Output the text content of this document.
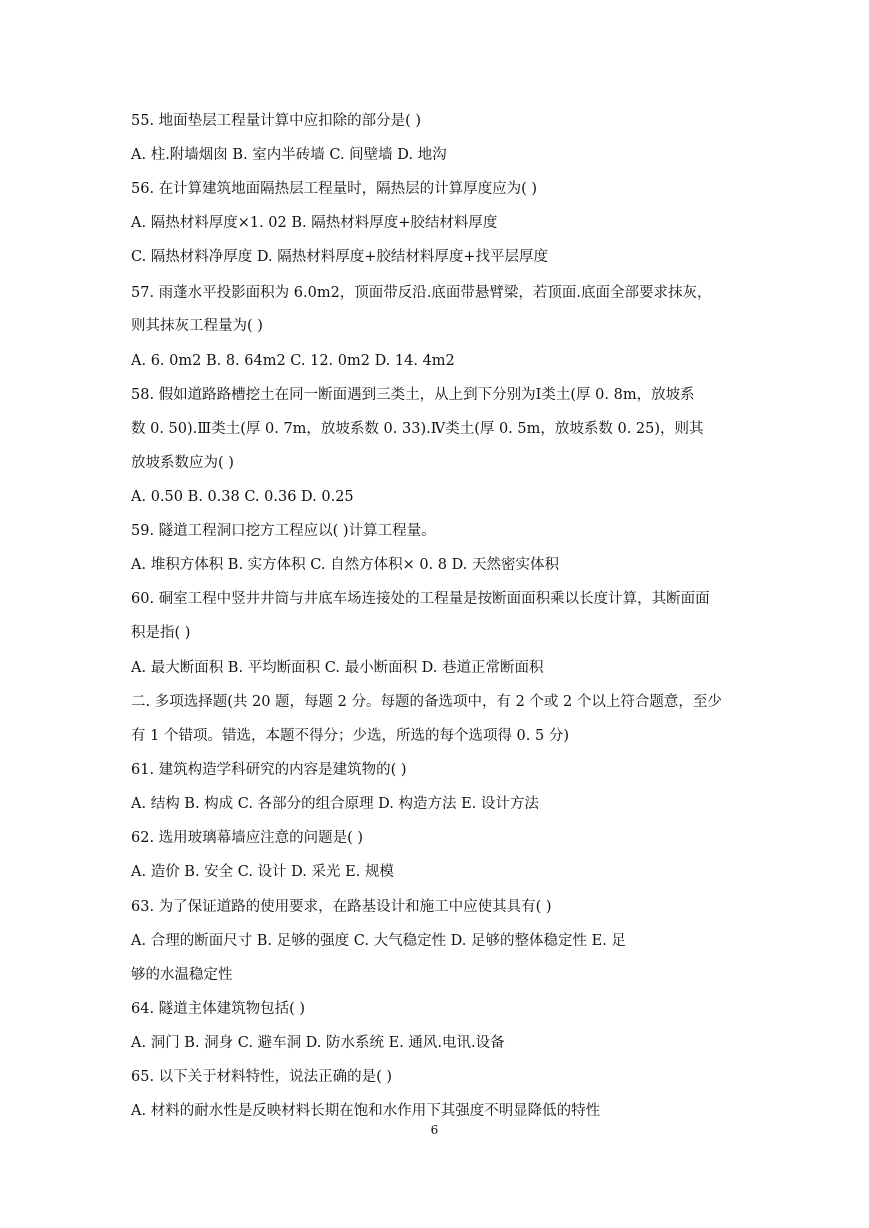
55. 地面垫层工程量计算中应扣除的部分是( )
A. 柱.附墙烟囱 B. 室内半砖墙 C. 间壁墙 D. 地沟
56. 在计算建筑地面隔热层工程量时，隔热层的计算厚度应为( )
A. 隔热材料厚度×1. 02 B. 隔热材料厚度+胶结材料厚度
C. 隔热材料净厚度 D. 隔热材料厚度+胶结材料厚度+找平层厚度
57. 雨蓬水平投影面积为 6.0m2，顶面带反沿.底面带悬臂梁，若顶面.底面全部要求抹灰，
则其抹灰工程量为( )
A. 6. 0m2 B. 8. 64m2 C. 12. 0m2 D. 14. 4m2
58. 假如道路路槽挖土在同一断面遇到三类土，从上到下分别为Ⅰ类土(厚 0. 8m，放坡系
数 0. 50).Ⅲ类土(厚 0. 7m，放坡系数 0. 33).Ⅳ类土(厚 0. 5m，放坡系数 0. 25)，则其
放坡系数应为( )
A. 0.50 B. 0.38 C. 0.36 D. 0.25
59. 隧道工程洞口挖方工程应以( )计算工程量。
A. 堆积方体积 B. 实方体积 C. 自然方体积× 0. 8 D. 天然密实体积
60. 硐室工程中竖井井筒与井底车场连接处的工程量是按断面面积乘以长度计算，其断面面
积是指( )
A. 最大断面积 B. 平均断面积 C. 最小断面积 D. 巷道正常断面积
二. 多项选择题(共 20 题，每题 2 分。每题的备选项中，有 2 个或 2 个以上符合题意，至少
有 1 个错项。错选，本题不得分；少选，所选的每个选项得 0. 5 分)
61. 建筑构造学科研究的内容是建筑物的( )
A. 结构 B. 构成 C. 各部分的组合原理 D. 构造方法 E. 设计方法
62. 选用玻璃幕墙应注意的问题是( )
A. 造价 B. 安全 C. 设计 D. 采光 E. 规模
63. 为了保证道路的使用要求，在路基设计和施工中应使其具有( )
A. 合理的断面尺寸 B. 足够的强度 C. 大气稳定性 D. 足够的整体稳定性 E. 足
够的水温稳定性
64. 隧道主体建筑物包括( )
A. 洞门 B. 洞身 C. 避车洞 D. 防水系统 E. 通风.电讯.设备
65. 以下关于材料特性，说法正确的是( )
A. 材料的耐水性是反映材料长期在饱和水作用下其强度不明显降低的特性
6
